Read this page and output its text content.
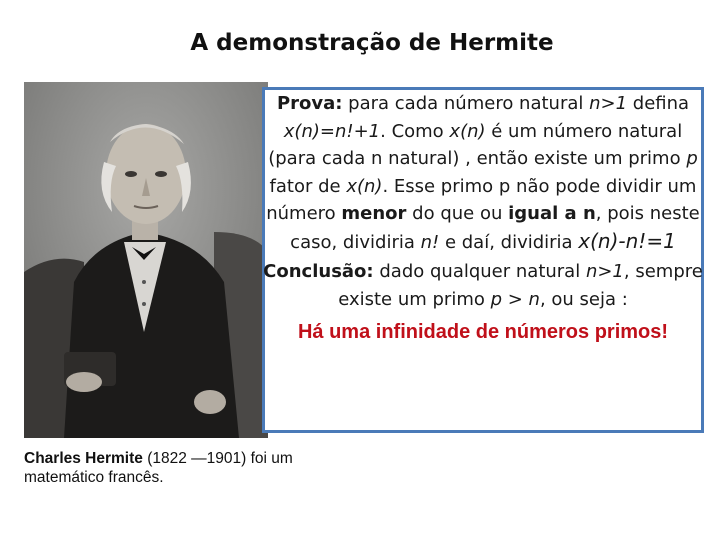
A demonstração de Hermite
Prova: para cada número natural n>1 defina x(n)=n!+1. Como x(n) é um número natural (para cada n natural) , então existe um primo p fator de x(n). Esse primo p não pode dividir um número menor do que ou igual a n, pois neste caso, dividiria n! e daí, dividiria x(n)-n!=1
Conclusão: dado qualquer natural n>1, sempre existe um primo p > n, ou seja :
Há uma infinidade de números primos!
Charles Hermite (1822 —1901) foi um matemático francês.
